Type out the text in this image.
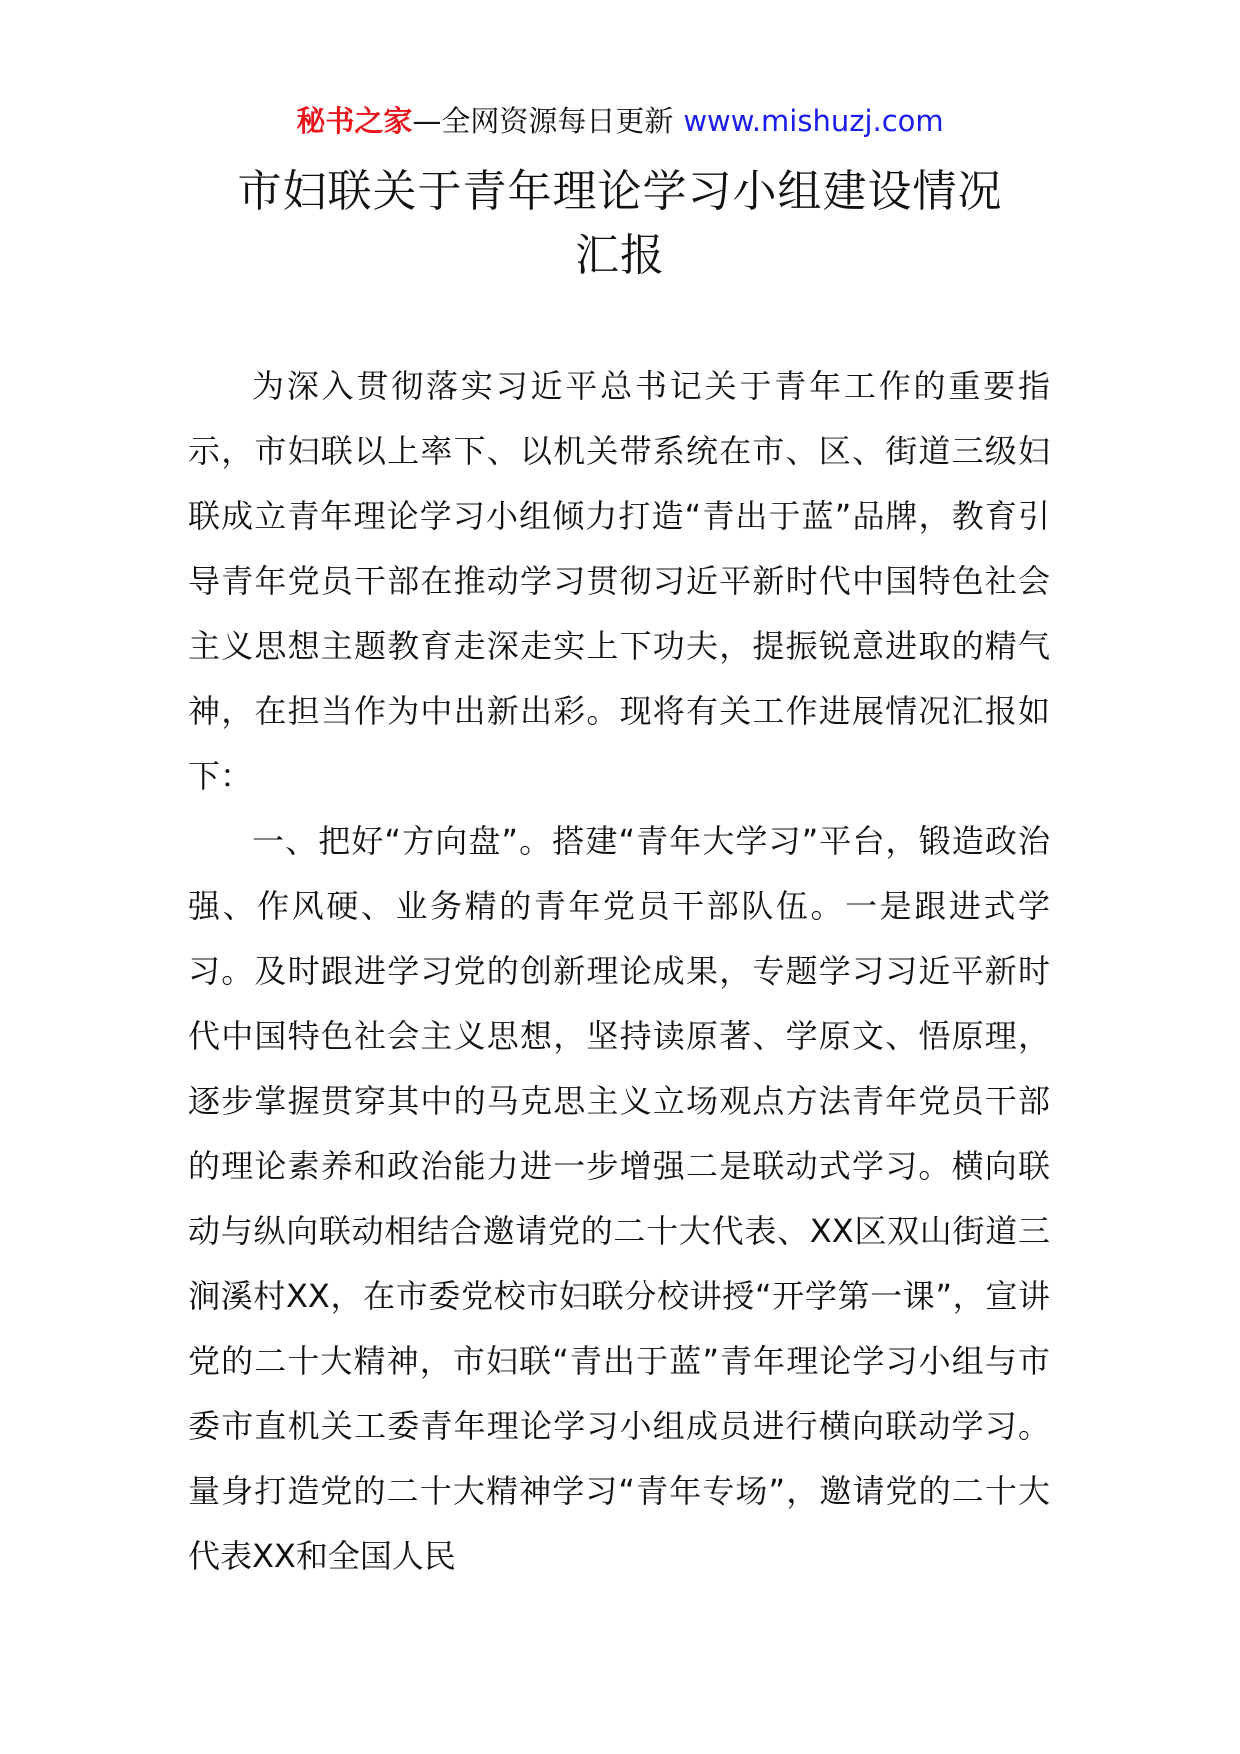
秘书之家—全网资源每日更新 www.mishuzj.com
市妇联关于青年理论学习小组建设情况
汇报

为深入贯彻落实习近平总书记关于青年工作的重要指示，市妇联以上率下、以机关带系统在市、区、街道三级妇联成立青年理论学习小组倾力打造“青出于蓝”品牌，教育引导青年党员干部在推动学习贯彻习近平新时代中国特色社会主义思想主题教育走深走实上下功夫，提振锐意进取的精气神，在担当作为中出新出彩。现将有关工作进展情况汇报如下：

一、把好“方向盘”。搭建“青年大学习”平台，锻造政治强、作风硬、业务精的青年党员干部队伍。一是跟进式学习。及时跟进学习党的创新理论成果，专题学习习近平新时代中国特色社会主义思想，坚持读原著、学原文、悟原理，逐步掌握贯穿其中的马克思主义立场观点方法青年党员干部的理论素养和政治能力进一步增强二是联动式学习。横向联动与纵向联动相结合邀请党的二十大代表、XX区双山街道三涧溪村XX，在市委党校市妇联分校讲授“开学第一课”，宣讲党的二十大精神，市妇联“青出于蓝”青年理论学习小组与市委市直机关工委青年理论学习小组成员进行横向联动学习。量身打造党的二十大精神学习“青年专场”，邀请党的二十大代表XX和全国人民
